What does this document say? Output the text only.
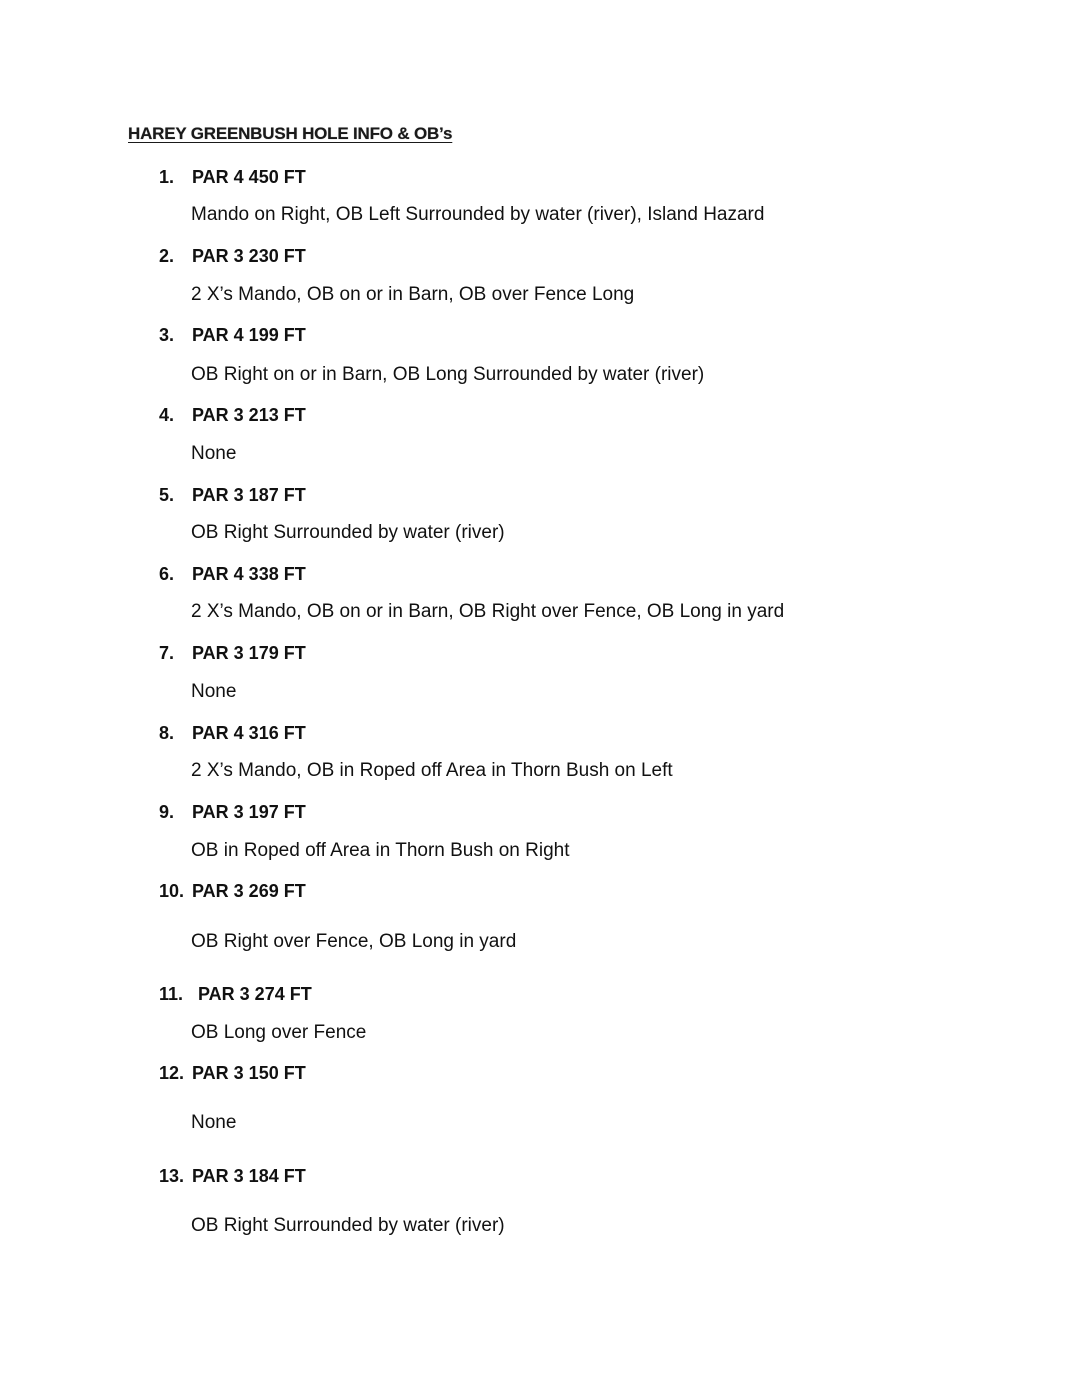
HAREY GREENBUSH HOLE INFO & OB’s
1. PAR 4 450 FT
Mando on Right, OB Left Surrounded by water (river), Island Hazard
2. PAR 3 230 FT
2 X’s Mando, OB on or in Barn, OB over Fence Long
3. PAR 4 199 FT
OB Right on or in Barn, OB Long Surrounded by water (river)
4. PAR 3 213 FT
None
5. PAR 3 187 FT
OB Right Surrounded by water (river)
6. PAR 4 338 FT
2 X’s Mando, OB on or in Barn, OB Right over Fence, OB Long in yard
7. PAR 3 179 FT
None
8. PAR 4 316 FT
2 X’s Mando, OB in Roped off Area in Thorn Bush on Left
9. PAR 3 197 FT
OB in Roped off Area in Thorn Bush on Right
10. PAR 3 269 FT
OB Right over Fence, OB Long in yard
11. PAR 3 274 FT
OB Long over Fence
12. PAR 3 150 FT
None
13. PAR 3 184 FT
OB Right Surrounded by water (river)
